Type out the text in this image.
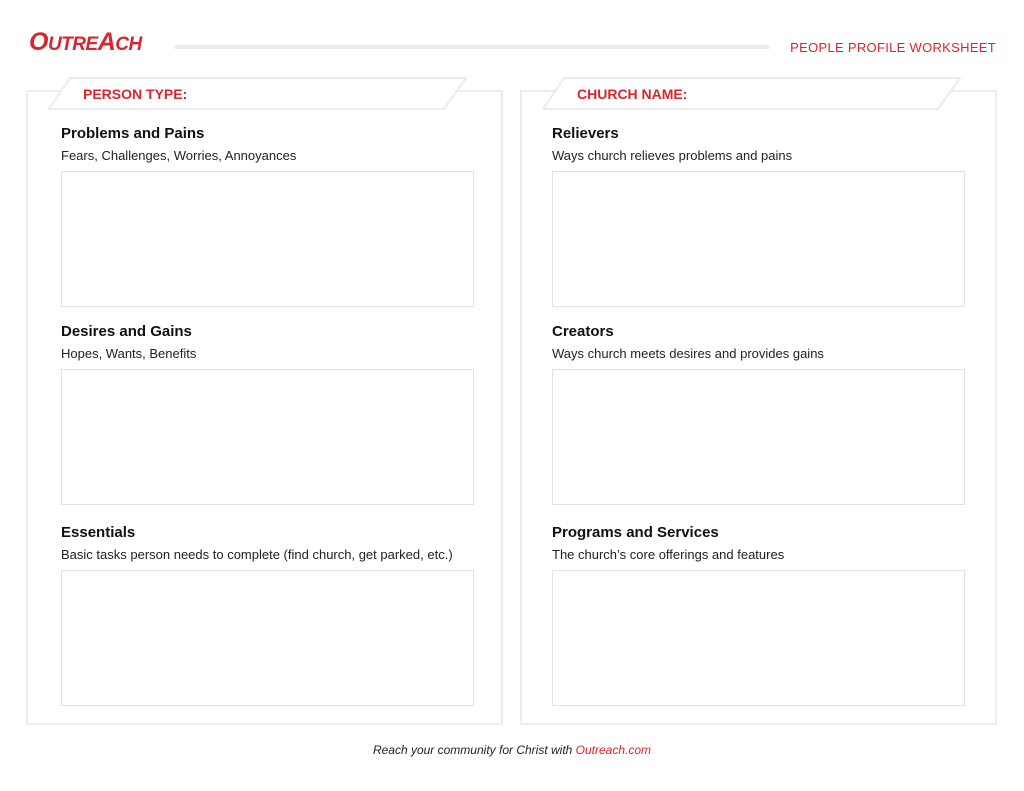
OUTREACH	PEOPLE PROFILE WORKSHEET
PERSON TYPE:
Problems and Pains

Fears, Challenges, Worries, Annoyances

Desires and Gains

Hopes, Wants, Benefits

Essentials

Basic tasks person needs to complete (find church, get parked, etc.)

CHURCH NAME:
Relievers

Ways church relieves problems and pains

Creators

Ways church meets desires and provides gains

Programs and Services

The church’s core offerings and features

Reach your community for Christ with Outreach.com
